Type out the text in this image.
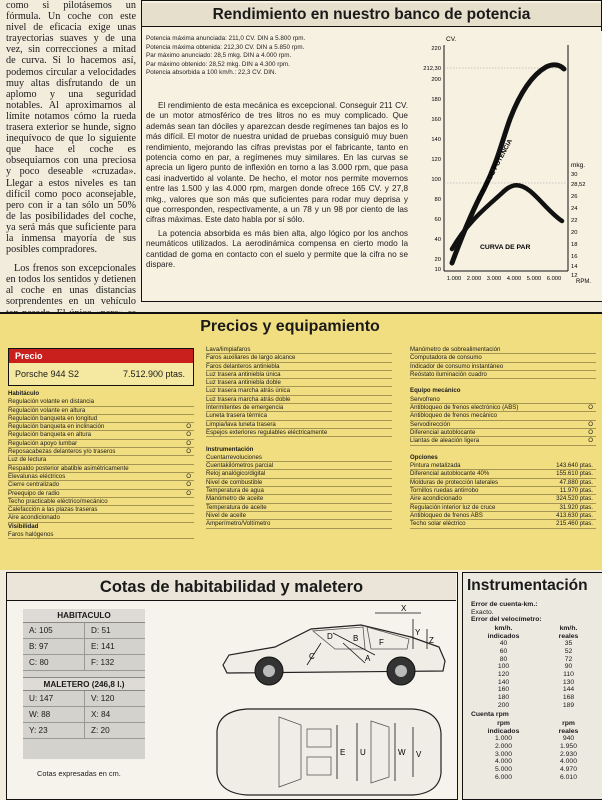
como si pilotásemos un fórmula. Un coche con este nivel de eficacia exige unas trayectorias suaves y de una vez, sin correcciones a mitad de curva. Si lo hacemos así, podemos circular a velocidades muy altas disfrutando de un aplomo y una seguridad notables. Al aproximarnos al límite notamos cómo la rueda trasera exterior se hunde, signo inequívoco de que lo siguiente que hace el coche es obsequiarnos con una preciosa y poco deseable «cruzada». Llegar a estos niveles es tan difícil como poco aconsejable, pero con ir a tan sólo un 50% de las posibilidades del coche, ya será más que suficiente para la inmensa mayoría de sus posibles compradores.

Los frenos son excepcionales en todos los sentidos y detienen al coche en unas distancias sorprendentes en un vehículo

Rendimiento en nuestro banco de potencia
Potencia máxima anunciada: 211,0 CV. DIN a 5.800 rpm.
Potencia máxima obtenida: 212,30 CV. DIN a 5.850 rpm.
Par máximo anunciado: 28,5 mkg. DIN a 4.000 rpm.
Par máximo obtenido: 28,52 mkg. DIN a 4.300 rpm.
Potencia absorbida a 100 km/h.: 22,3 CV. DIN.

El rendimiento de esta mecánica es excepcional. Conseguir 211 CV. de un motor atmosférico de tres litros no es muy complicado. Que además sean tan dóciles y aparezcan desde regímenes tan bajos es lo más difícil. El motor de nuestra unidad de pruebas consiguió muy buen rendimiento, mejorando las cifras previstas por el fabricante, tanto en potencia como en par, a regímenes muy similares. En las curvas se aprecia un ligero punto de inflexión en torno a las 3.000 rpm, que pasa casi inadvertido al volante. De hecho, el motor nos permite movernos entre las 1.500 y las 4.000 rpm, margen donde ofrece 165 CV. y 27,8 mkg., valores que son más que suficientes para rodar muy deprisa y que corresponden, respectivamente, a un 78 y un 98 por ciento de las cifras máximas. Este dato habla por sí sólo.

La potencia absorbida es más bien alta, algo lógico por los anchos neumáticos utilizados. La aerodinámica compensa en cierto modo la cantidad de goma en contacto con el suelo y permite que la cifra no se dispare.

CV.
220
212,30
200
180
160
140
120
100
80
60
40
20
10
mkg.
30
28,52
26
24
22
20
18
16
14
12
1.000 2.000 3.000 4.000 5.000 6.000 RPM.
CURVA DE POTENCIA
CURVA DE PAR
Precios y equipamiento
Precio
Porsche 944 S2	7.512.900 ptas.
Habitáculo
Regulación volante en distancia
Regulación volante en altura
Regulación banqueta en longitud
Regulación banqueta en inclinación	O
Regulación banqueta en altura	O
Regulación apoyo lumbar	O
Reposacabezas delanteros y/o traseros	O
Luz de lectura
Respaldo posterior abatible asimétricamente
Elevalunas eléctricos	O
Cierre centralizado	O
Preequipo de radio	O
Techo practicable eléctrico/mecánico
Calefacción a las plazas traseras
Aire acondicionado
Visibilidad
Faros halógenos
Lava/limpiafaros
Faros auxiliares de largo alcance
Faros delanteros antiniebla
Luz trasera antiniebla única
Luz trasera antiniebla doble
Luz trasera marcha atrás única
Luz trasera marcha atrás doble
Intermitentes de emergencia
Luneta trasera térmica
Limpia/lava luneta trasera
Espejos exteriores regulables eléctricamente
Instrumentación
Cuentarrevoluciones
Cuentakilómetros parcial
Reloj analógico/digital
Nivel de combustible
Temperatura de agua
Manómetro de aceite
Temperatura de aceite
Nivel de aceite
Amperímetro/Voltímetro
Manómetro de sobrealimentación
Computadora de consumo
Indicador de consumo instantáneo
Reóstato iluminación cuadro
Equipo mecánico
Servofreno
Antibloqueo de frenos electrónico (ABS)	O
Antibloqueo de frenos mecánico
Servodirección	O
Diferencial autoblocante	O
Llantas de aleación ligera	O
Opciones
Pintura metalizada	143.640 ptas.
Diferencial autoblocante 40%	155.610 ptas.
Molduras de protección laterales	47.880 ptas.
Tornillos ruedas antirrobo	11.970 ptas.
Aire acondicionado	324.520 ptas.
Regulación interior luz de cruce	31.920 ptas.
Antibloqueo de frenos ABS	413.630 ptas.
Techo solar eléctrico	215.460 ptas.
Cotas de habitabilidad y maletero
HABITACULO
A: 105	D: 51
B: 97	E: 141
C: 80	F: 132
MALETERO (246,8 l.)
U: 147	V: 120
W: 88	X: 84
Y: 23	Z: 20
Cotas expresadas en cm.
X
Y
Z
F
B
D
C	A
V
W
U
E
Instrumentación
Error de cuenta-km.:
Exacto.
Error del velocímetro:
km/h.	km/h.
indicados	reales
40	35
60	52
80	72
100	90
120	110
140	130
160	144
180	168
200	189
Cuenta rpm
rpm	rpm
indicados	reales
1.000	940
2.000	1.950
3.000	2.930
4.000	4.000
5.000	4.970
6.000	6.010
